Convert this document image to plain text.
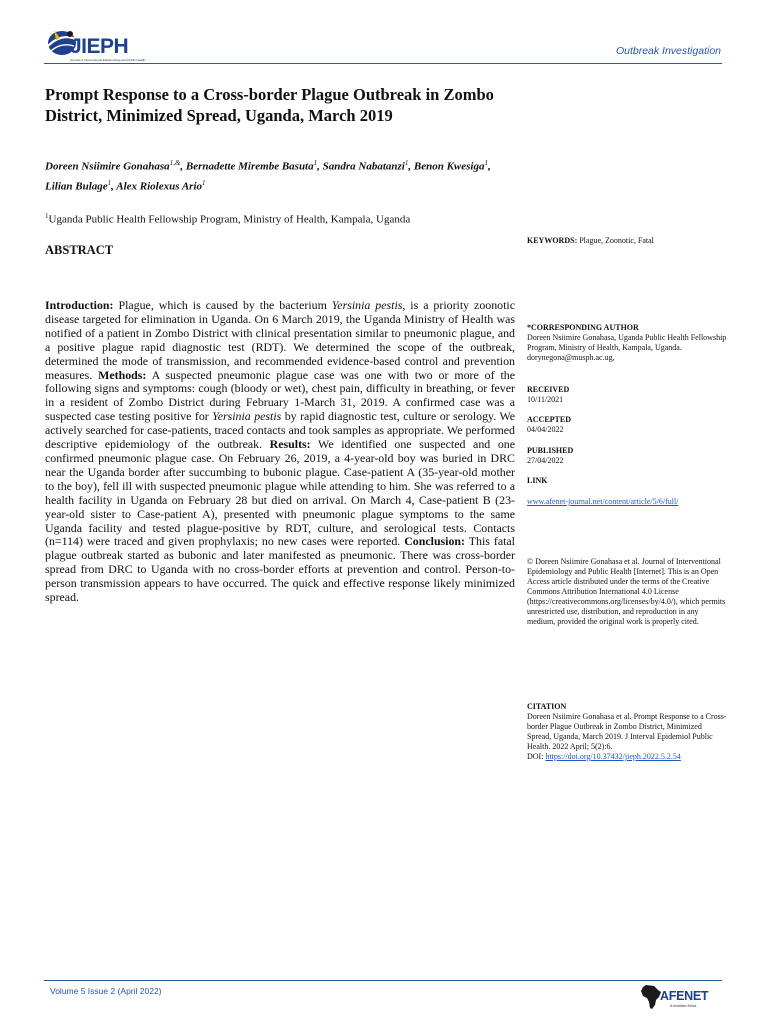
JIEPH
Journal of Interventional Epidemiology and Public Health
Outbreak Investigation
Prompt Response to a Cross-border Plague Outbreak in Zombo District, Minimized Spread, Uganda, March 2019
Doreen Nsiimire Gonahasa$^{1,\&}$, Bernadette Mirembe Basuta$^1$, Sandra Nabatanzi$^1$, Benon Kwesiga$^1$, Lilian Bulage$^1$, Alex Riolexus Ario$^1$
$^1$Uganda Public Health Fellowship Program, Ministry of Health, Kampala, Uganda
ABSTRACT
Introduction: Plague, which is caused by the bacterium Yersinia pestis, is a priority zoonotic disease targeted for elimination in Uganda. On 6 March 2019, the Uganda Ministry of Health was notified of a patient in Zombo District with clinical presentation similar to pneumonic plague, and a positive plague rapid diagnostic test (RDT). We determined the scope of the outbreak, determined the mode of transmission, and recommended evidence-based control and prevention measures. Methods: A suspected pneumonic plague case was one with two or more of the following signs and symptoms: cough (bloody or wet), chest pain, difficulty in breathing, or fever in a resident of Zombo District during February 1-March 31, 2019. A confirmed case was a suspected case testing positive for Yersinia pestis by rapid diagnostic test, culture or serology. We actively searched for case-patients, traced contacts and took samples as appropriate. We performed descriptive epidemiology of the outbreak. Results: We identified one suspected and one confirmed pneumonic plague case. On February 26, 2019, a 4-year-old boy was buried in DRC near the Uganda border after succumbing to bubonic plague. Case-patient A (35-year-old mother to the boy), fell ill with suspected pneumonic plague while attending to him. She was referred to a health facility in Uganda on February 28 but died on arrival. On March 4, Case-patient B (23-year-old sister to Case-patient A), presented with pneumonic plague symptoms to the same Uganda facility and tested plague-positive by RDT, culture, and serological tests. Contacts (n=114) were traced and given prophylaxis; no new cases were reported. Conclusion: This fatal plague outbreak started as bubonic and later manifested as pneumonic. There was cross-border spread from DRC to Uganda with no cross-border efforts at prevention and control. Person-to-person transmission appears to have occurred. The quick and effective response likely minimized spread.
KEYWORDS: Plague, Zoonotic, Fatal
*CORRESPONDING AUTHOR
Doreen Nsiimire Gonahasa, Uganda Public Health Fellowship Program, Ministry of Health, Kampala, Uganda. dorynegona@musph.ac.ug,
RECEIVED
10/11/2021
ACCEPTED
04/04/2022
PUBLISHED
27/04/2022
LINK
www.afenet-journal.net/content/article/5/6/full/
© Doreen Nsiimire Gonahasa et al. Journal of Interventional Epidemiology and Public Health [Internet]. This is an Open Access article distributed under the terms of the Creative Commons Attribution International 4.0 License (https://creativecommons.org/licenses/by/4.0/), which permits unrestricted use, distribution, and reproduction in any medium, provided the original work is properly cited.
CITATION
Doreen Nsiimire Gonahasa et al. Prompt Response to a Cross-border Plague Outbreak in Zombo District, Minimized Spread, Uganda, March 2019. J Interval Epidemiol Public Health. 2022 April; 5(2):6.
DOI: https://doi.org/10.37432/jieph.2022.5.2.54
Volume 5 Issue 2 (April 2022)	AFENET
A healthier Africa
